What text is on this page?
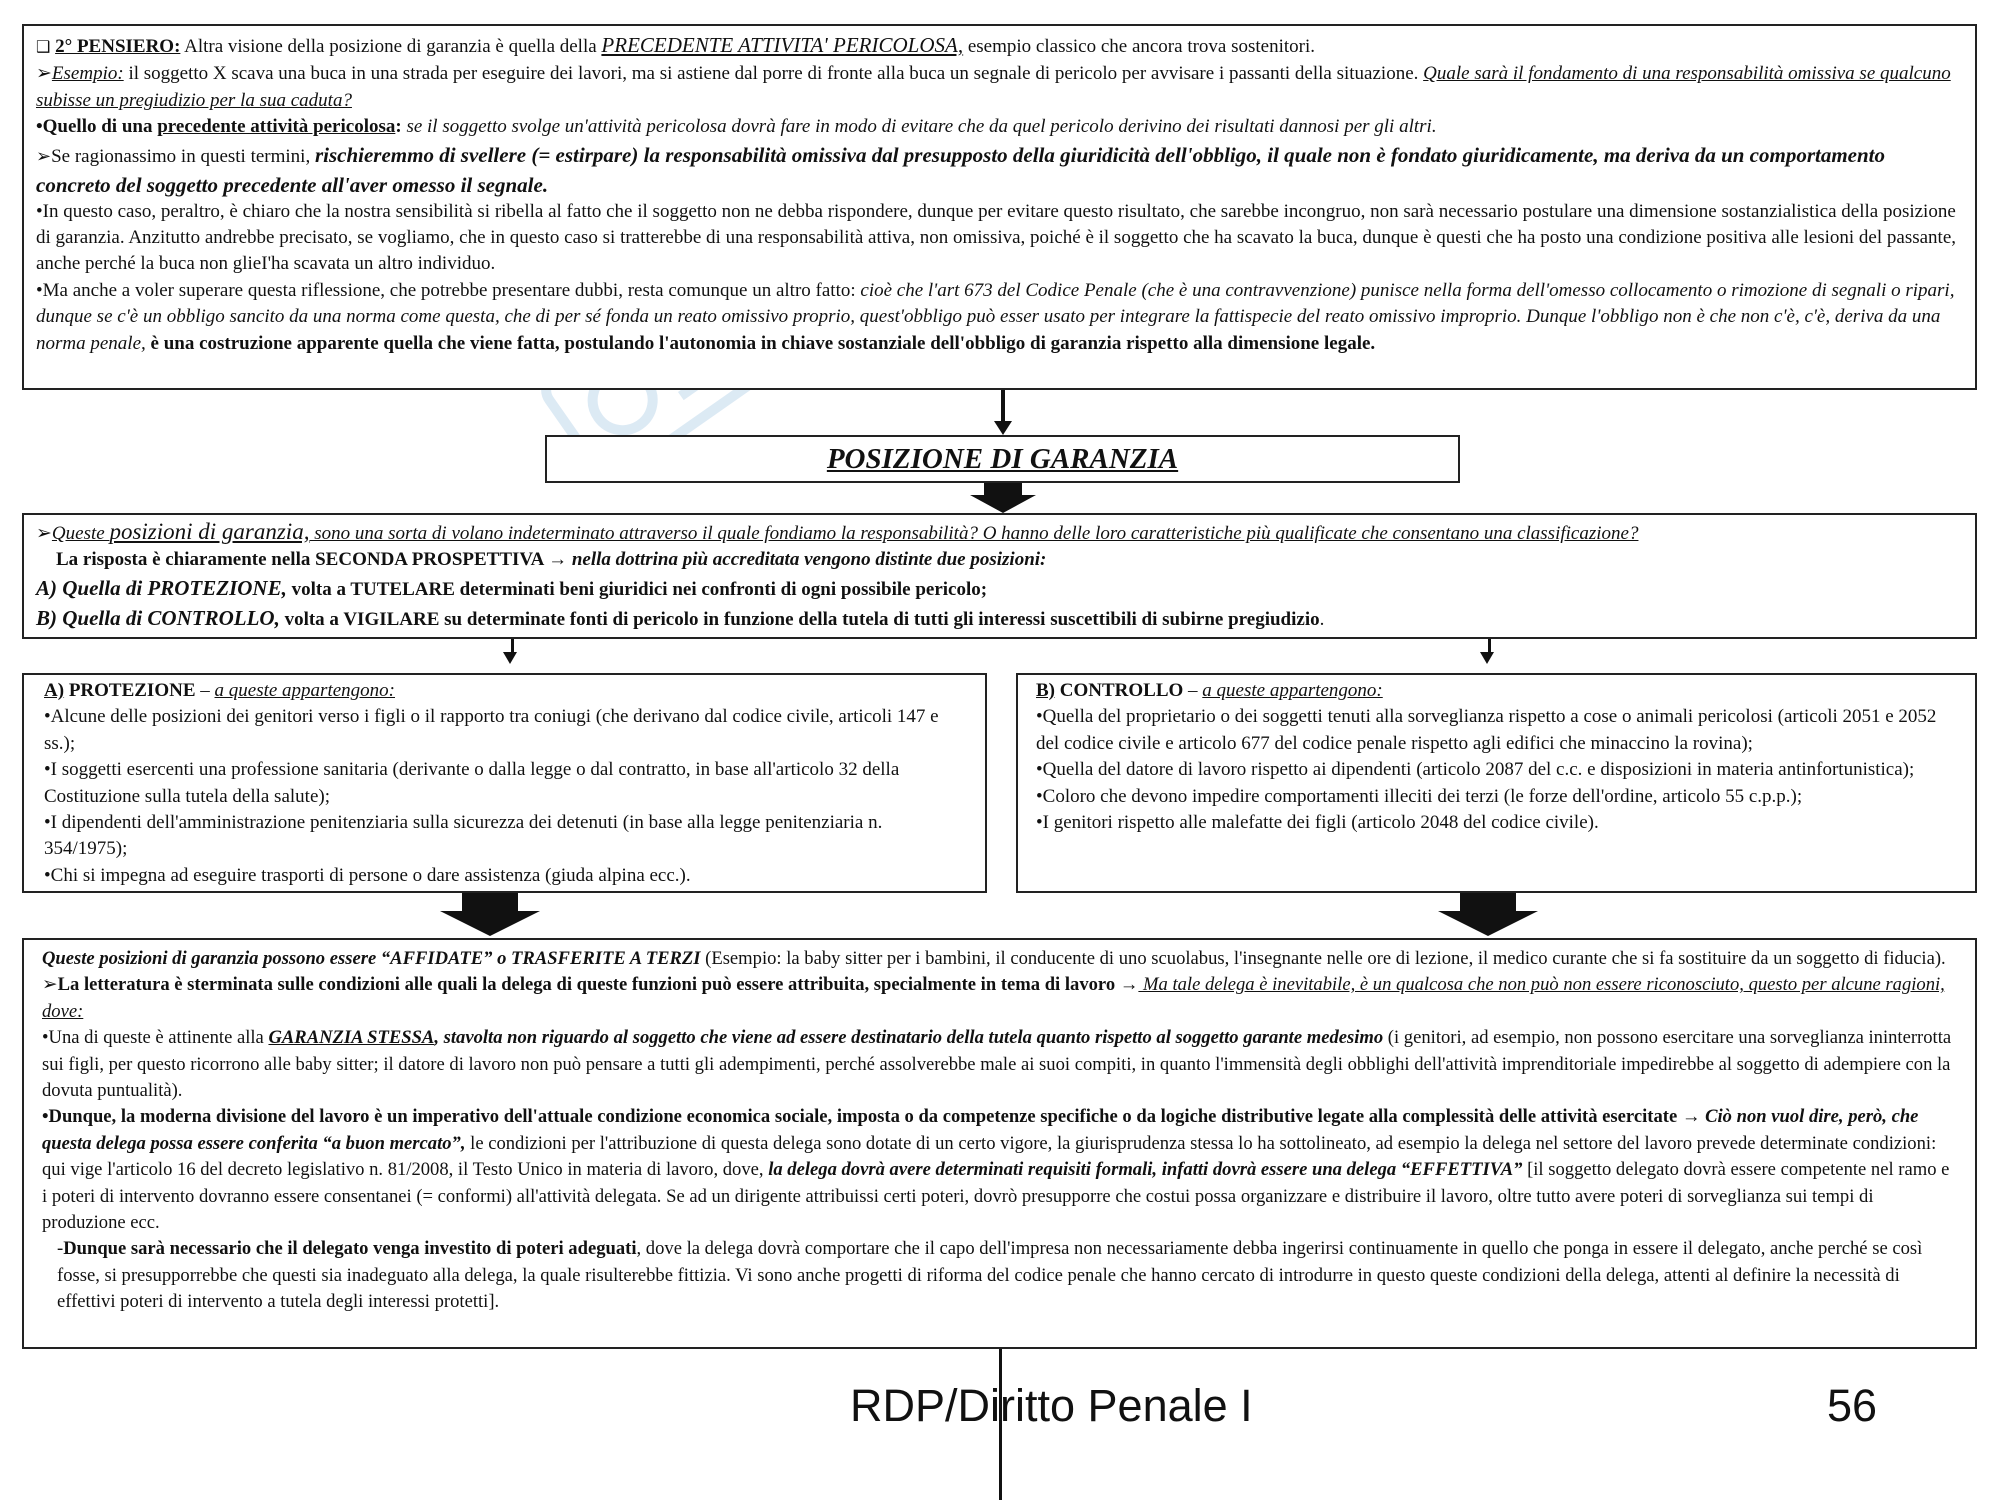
❑ 2° PENSIERO: Altra visione della posizione di garanzia è quella della PRECEDENTE ATTIVITA' PERICOLOSA, esempio classico che ancora trova sostenitori.

➢Esempio: il soggetto X scava una buca in una strada per eseguire dei lavori, ma si astiene dal porre di fronte alla buca un segnale di pericolo per avvisare i passanti della situazione. Quale sarà il fondamento di una responsabilità omissiva se qualcuno subisse un pregiudizio per la sua caduta?

•Quello di una precedente attività pericolosa: se il soggetto svolge un'attività pericolosa dovrà fare in modo di evitare che da quel pericolo derivino dei risultati dannosi per gli altri.

➢Se ragionassimo in questi termini, rischieremmo di svellere (= estirpare) la responsabilità omissiva dal presupposto della giuridicità dell'obbligo, il quale non è fondato giuridicamente, ma deriva da un comportamento concreto del soggetto precedente all'aver omesso il segnale.

•In questo caso, peraltro, è chiaro che la nostra sensibilità si ribella al fatto che il soggetto non ne debba rispondere, dunque per evitare questo risultato, che sarebbe incongruo, non sarà necessario postulare una dimensione sostanzialistica della posizione di garanzia. Anzitutto andrebbe precisato, se vogliamo, che in questo caso si tratterebbe di una responsabilità attiva, non omissiva, poiché è il soggetto che ha scavato la buca, dunque è questi che ha posto una condizione positiva alle lesioni del passante, anche perché la buca non glieI'ha scavata un altro individuo.

•Ma anche a voler superare questa riflessione, che potrebbe presentare dubbi, resta comunque un altro fatto: cioè che l'art 673 del Codice Penale (che è una contravvenzione) punisce nella forma dell'omesso collocamento o rimozione di segnali o ripari, dunque se c'è un obbligo sancito da una norma come questa, che di per sé fonda un reato omissivo proprio, quest'obbligo può esser usato per integrare la fattispecie del reato omissivo improprio. Dunque l'obbligo non è che non c'è, c'è, deriva da una norma penale, è una costruzione apparente quella che viene fatta, postulando l'autonomia in chiave sostanziale dell'obbligo di garanzia rispetto alla dimensione legale.

POSIZIONE DI GARANZIA

➢Queste posizioni di garanzia, sono una sorta di volano indeterminato attraverso il quale fondiamo la responsabilità? O hanno delle loro caratteristiche più qualificate che consentano una classificazione?

La risposta è chiaramente nella SECONDA PROSPETTIVA → nella dottrina più accreditata vengono distinte due posizioni:

A) Quella di PROTEZIONE, volta a TUTELARE determinati beni giuridici nei confronti di ogni possibile pericolo;

B) Quella di CONTROLLO, volta a VIGILARE su determinate fonti di pericolo in funzione della tutela di tutti gli interessi suscettibili di subirne pregiudizio.

A) PROTEZIONE – a queste appartengono:

•Alcune delle posizioni dei genitori verso i figli o il rapporto tra coniugi (che derivano dal codice civile, articoli 147 e ss.);

•I soggetti esercenti una professione sanitaria (derivante o dalla legge o dal contratto, in base all'articolo 32 della Costituzione sulla tutela della salute);

•I dipendenti dell'amministrazione penitenziaria sulla sicurezza dei detenuti (in base alla legge penitenziaria n. 354/1975);

•Chi si impegna ad eseguire trasporti di persone o dare assistenza (giuda alpina ecc.).

B) CONTROLLO – a queste appartengono:

•Quella del proprietario o dei soggetti tenuti alla sorveglianza rispetto a cose o animali pericolosi (articoli 2051 e 2052 del codice civile e articolo 677 del codice penale rispetto agli edifici che minaccino la rovina);

•Quella del datore di lavoro rispetto ai dipendenti (articolo 2087 del c.c. e disposizioni in materia antinfortunistica);

•Coloro che devono impedire comportamenti illeciti dei terzi (le forze dell'ordine, articolo 55 c.p.p.);

•I genitori rispetto alle malefatte dei figli (articolo 2048 del codice civile).

Queste posizioni di garanzia possono essere “AFFIDATE” o TRASFERITE A TERZI (Esempio: la baby sitter per i bambini, il conducente di uno scuolabus, l'insegnante nelle ore di lezione, il medico curante che si fa sostituire da un soggetto di fiducia).

➢La letteratura è sterminata sulle condizioni alle quali la delega di queste funzioni può essere attribuita, specialmente in tema di lavoro → Ma tale delega è inevitabile, è un qualcosa che non può non essere riconosciuto, questo per alcune ragioni, dove:

•Una di queste è attinente alla GARANZIA STESSA, stavolta non riguardo al soggetto che viene ad essere destinatario della tutela quanto rispetto al soggetto garante medesimo (i genitori, ad esempio, non possono esercitare una sorveglianza ininterrotta sui figli, per questo ricorrono alle baby sitter; il datore di lavoro non può pensare a tutti gli adempimenti, perché assolverebbe male ai suoi compiti, in quanto l'immensità degli obblighi dell'attività imprenditoriale impedirebbe al soggetto di adempiere con la dovuta puntualità).

•Dunque, la moderna divisione del lavoro è un imperativo dell'attuale condizione economica sociale, imposta o da competenze specifiche o da logiche distributive legate alla complessità delle attività esercitate → Ciò non vuol dire, però, che questa delega possa essere conferita “a buon mercato”, le condizioni per l'attribuzione di questa delega sono dotate di un certo vigore, la giurisprudenza stessa lo ha sottolineato, ad esempio la delega nel settore del lavoro prevede determinate condizioni: qui vige l'articolo 16 del decreto legislativo n. 81/2008, il Testo Unico in materia di lavoro, dove, la delega dovrà avere determinati requisiti formali, infatti dovrà essere una delega “EFFETTIVA” [il soggetto delegato dovrà essere competente nel ramo e i poteri di intervento dovranno essere consentanei (= conformi) all'attività delegata. Se ad un dirigente attribuissi certi poteri, dovrò presupporre che costui possa organizzare e distribuire il lavoro, oltre tutto avere poteri di sorveglianza sui tempi di produzione ecc.

-Dunque sarà necessario che il delegato venga investito di poteri adeguati, dove la delega dovrà comportare che il capo dell'impresa non necessariamente debba ingerirsi continuamente in quello che ponga in essere il delegato, anche perché se così fosse, si presupporrebbe che questi sia inadeguato alla delega, la quale risulterebbe fittizia. Vi sono anche progetti di riforma del codice penale che hanno cercato di introdurre in questo queste condizioni della delega, attenti al definire la necessità di effettivi poteri di intervento a tutela degli interessi protetti].

RDP/Diritto Penale I	56
